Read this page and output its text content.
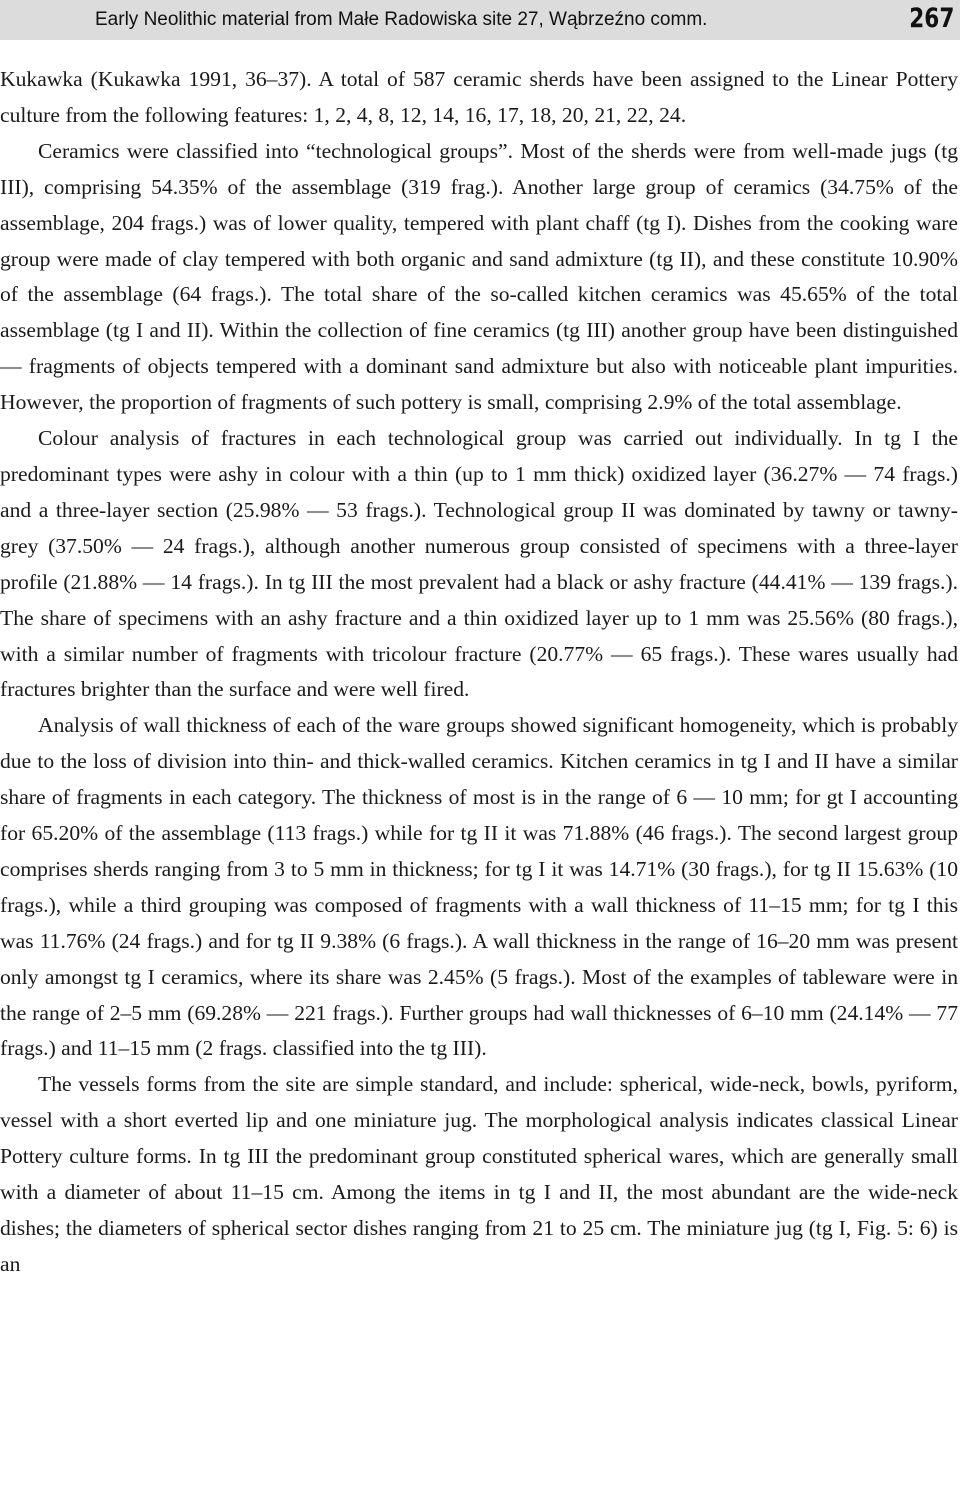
Early Neolithic material from Małe Radowiska site 27, Wąbrzeźno comm.	267

Kukawka (Kukawka 1991, 36–37). A total of 587 ceramic sherds have been assigned to the Linear Pottery culture from the following features: 1, 2, 4, 8, 12, 14, 16, 17, 18, 20, 21, 22, 24.

Ceramics were classified into “technological groups”. Most of the sherds were from well-made jugs (tg III), comprising 54.35% of the assemblage (319 frag.). Another large group of ceramics (34.75% of the assemblage, 204 frags.) was of lower quality, tempered with plant chaff (tg I). Dishes from the cooking ware group were made of clay tempered with both organic and sand admixture (tg II), and these constitute 10.90% of the assemblage (64 frags.). The total share of the so-called kitchen ceramics was 45.65% of the total assemblage (tg I and II). Within the collection of fine ceramics (tg III) another group have been distinguished — fragments of objects tempered with a dominant sand admixture but also with noticeable plant impurities. However, the proportion of fragments of such pottery is small, comprising 2.9% of the total assemblage.

Colour analysis of fractures in each technological group was carried out individually. In tg I the predominant types were ashy in colour with a thin (up to 1 mm thick) oxidized layer (36.27% — 74 frags.) and a three-layer section (25.98% — 53 frags.). Technological group II was dominated by tawny or tawny-grey (37.50% — 24 frags.), although another numerous group consisted of specimens with a three-layer profile (21.88% — 14 frags.). In tg III the most prevalent had a black or ashy fracture (44.41% — 139 frags.). The share of specimens with an ashy fracture and a thin oxidized layer up to 1 mm was 25.56% (80 frags.), with a similar number of fragments with tricolour fracture (20.77% — 65 frags.). These wares usually had fractures brighter than the surface and were well fired.

Analysis of wall thickness of each of the ware groups showed significant homogeneity, which is probably due to the loss of division into thin- and thick-walled ceramics. Kitchen ceramics in tg I and II have a similar share of fragments in each category. The thickness of most is in the range of 6 — 10 mm; for gt I accounting for 65.20% of the assemblage (113 frags.) while for tg II it was 71.88% (46 frags.). The second largest group comprises sherds ranging from 3 to 5 mm in thickness; for tg I it was 14.71% (30 frags.), for tg II 15.63% (10 frags.), while a third grouping was composed of fragments with a wall thickness of 11–15 mm; for tg I this was 11.76% (24 frags.) and for tg II 9.38% (6 frags.). A wall thickness in the range of 16–20 mm was present only amongst tg I ceramics, where its share was 2.45% (5 frags.). Most of the examples of tableware were in the range of 2–5 mm (69.28% — 221 frags.). Further groups had wall thicknesses of 6–10 mm (24.14% — 77 frags.) and 11–15 mm (2 frags. classified into the tg III).

The vessels forms from the site are simple standard, and include: spherical, wide-neck, bowls, pyriform, vessel with a short everted lip and one miniature jug. The morphological analysis indicates classical Linear Pottery culture forms. In tg III the predominant group constituted spherical wares, which are generally small with a diameter of about 11–15 cm. Among the items in tg I and II, the most abundant are the wide-neck dishes; the diameters of spherical sector dishes ranging from 21 to 25 cm. The miniature jug (tg I, Fig. 5: 6) is an
